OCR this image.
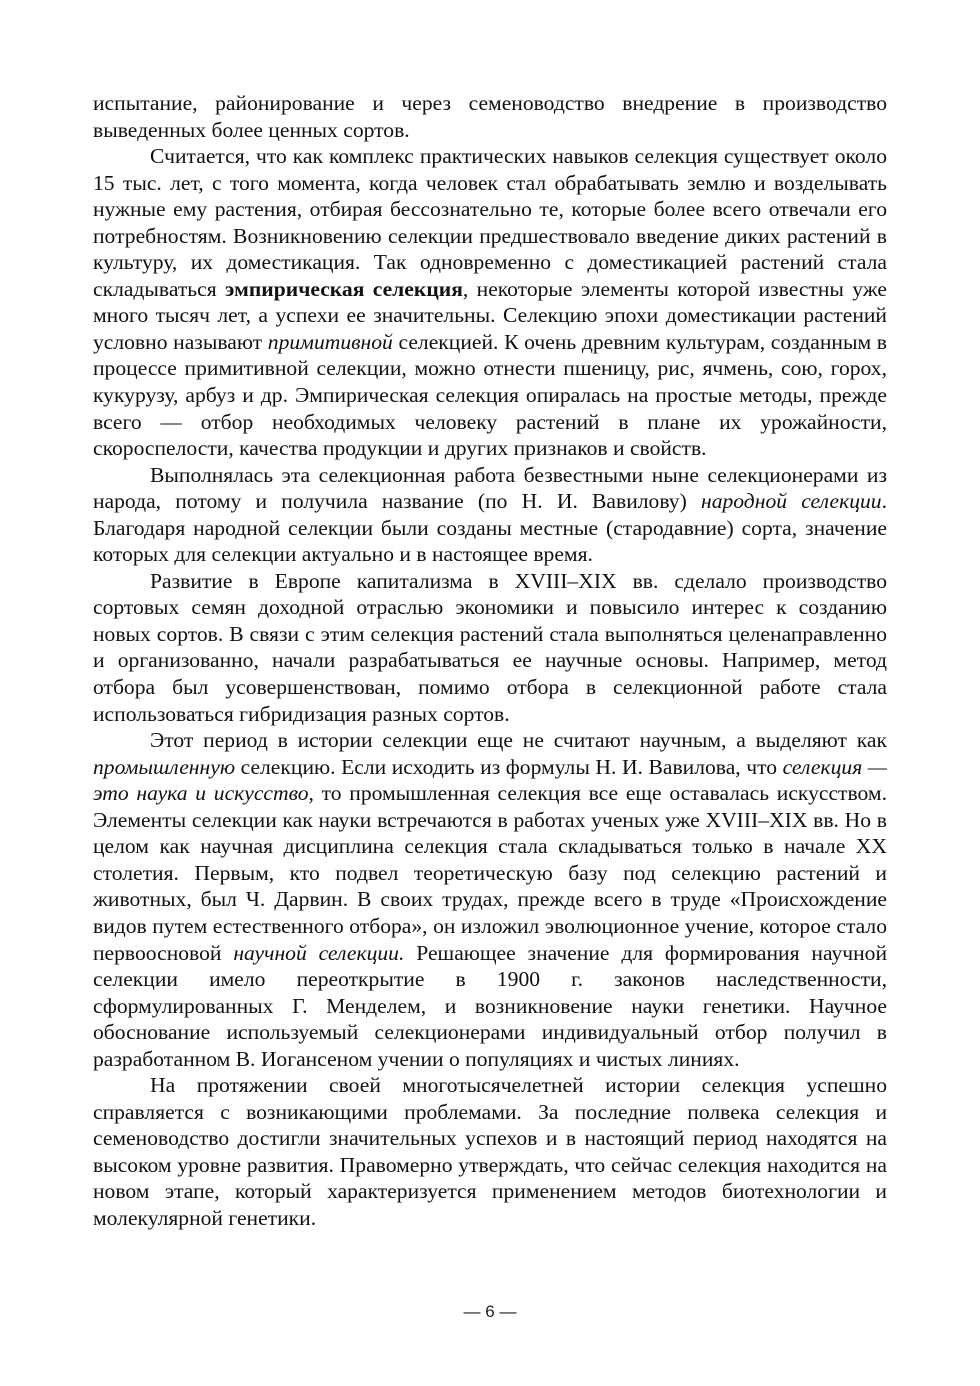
испытание, районирование и через семеноводство внедрение в производство выведенных более ценных сортов.

Считается, что как комплекс практических навыков селекция существует около 15 тыс. лет, с того момента, когда человек стал обрабатывать землю и возделывать нужные ему растения, отбирая бессознательно те, которые более всего отвечали его потребностям. Возникновению селекции предшествовало введение диких растений в культуру, их доместикация. Так одновременно с доместикацией растений стала складываться эмпирическая селекция, некоторые элементы которой известны уже много тысяч лет, а успехи ее значительны. Селекцию эпохи доместикации растений условно называют примитивной селекцией. К очень древним культурам, созданным в процессе примитивной селекции, можно отнести пшеницу, рис, ячмень, сою, горох, кукурузу, арбуз и др. Эмпирическая селекция опиралась на простые методы, прежде всего — отбор необходимых человеку растений в плане их урожайности, скороспелости, качества продукции и других признаков и свойств.

Выполнялась эта селекционная работа безвестными ныне селекционерами из народа, потому и получила название (по Н. И. Вавилову) народной селекции. Благодаря народной селекции были созданы местные (стародавние) сорта, значение которых для селекции актуально и в настоящее время.

Развитие в Европе капитализма в XVIII–XIX вв. сделало производство сортовых семян доходной отраслью экономики и повысило интерес к созданию новых сортов. В связи с этим селекция растений стала выполняться целенаправленно и организованно, начали разрабатываться ее научные основы. Например, метод отбора был усовершенствован, помимо отбора в селекционной работе стала использоваться гибридизация разных сортов.

Этот период в истории селекции еще не считают научным, а выделяют как промышленную селекцию. Если исходить из формулы Н. И. Вавилова, что селекция — это наука и искусство, то промышленная селекция все еще оставалась искусством. Элементы селекции как науки встречаются в работах ученых уже XVIII–XIX вв. Но в целом как научная дисциплина селекция стала складываться только в начале XX столетия. Первым, кто подвел теоретическую базу под селекцию растений и животных, был Ч. Дарвин. В своих трудах, прежде всего в труде «Происхождение видов путем естественного отбора», он изложил эволюционное учение, которое стало первоосновой научной селекции. Решающее значение для формирования научной селекции имело переоткрытие в 1900 г. законов наследственности, сформулированных Г. Менделем, и возникновение науки генетики. Научное обоснование используемый селекционерами индивидуальный отбор получил в разработанном В. Иогансеном учении о популяциях и чистых линиях.

На протяжении своей многотысячелетней истории селекция успешно справляется с возникающими проблемами. За последние полвека селекция и семеноводство достигли значительных успехов и в настоящий период находятся на высоком уровне развития. Правомерно утверждать, что сейчас селекция находится на новом этапе, который характеризуется применением методов биотехнологии и молекулярной генетики.

— 6 —
